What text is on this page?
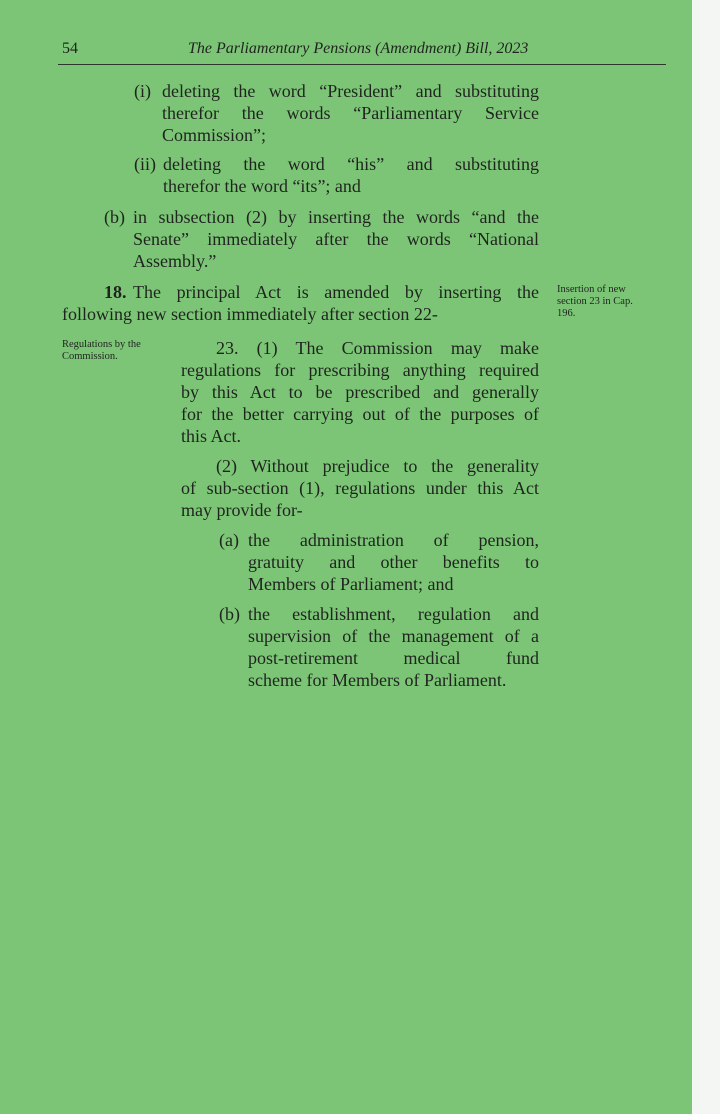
54	The Parliamentary Pensions (Amendment) Bill, 2023
(i) deleting the word “President” and substituting
therefor the words “Parliamentary Service
Commission”;
(ii) deleting the word “his” and substituting
therefor the word “its”; and
(b) in subsection (2) by inserting the words “and the
Senate” immediately after the words “National
Assembly.”
18. The principal Act is amended by inserting the
following new section immediately after section 22-
Insertion of new
section 23 in Cap.
196.
Regulations by the
Commission.	23. (1) The Commission may make
regulations for prescribing anything required
by this Act to be prescribed and generally
for the better carrying out of the purposes of
this Act.
(2) Without prejudice to the generality
of sub-section (1), regulations under this Act
may provide for-
(a) the administration of pension,
gratuity and other benefits to
Members of Parliament; and
(b) the establishment, regulation and
supervision of the management of a
post-retirement medical fund
scheme for Members of Parliament.
